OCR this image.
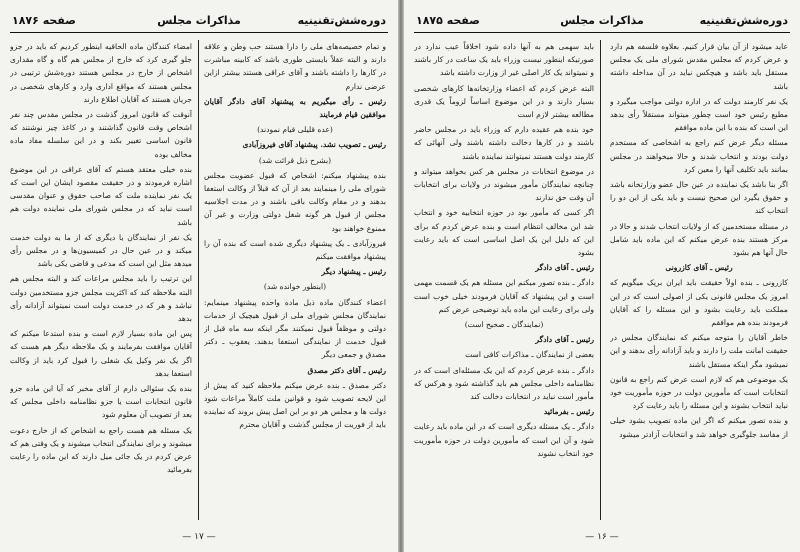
دوره‌شش‌تقنینیه
مذاکرات مجلس
صفحه ۱۸۷۶

و تمام خصیصه‌های ملی را دارا هستند حب وطن و علاقه دارند و البته عقلاً بایستی طوری باشد که کابینه مباشرت در کارها را داشته باشند و آقای عراقی هستند بیشتر ازاین عرضی ندارم

رئیس ـ رأی میگیریم به پیشنهاد آقای دادگر آقایان موافقین قیام فرمایند

(عده قلیلی قیام نمودند)

رئیس ـ تصویب نشد. پیشنهاد آقای فیروزآبادی

(بشرح ذیل قرائت شد)

بنده پیشنهاد میکنم: اشخاص که قبول عضویت مجلس شورای ملی را مینمایند بعد از آن که قبلاً از وکالت استعفا بدهند و در مقام وکالت باقی باشند و در مدت اجلاسیه مجلس از قبول هر گونه شغل دولتی وزارت و غیر آن ممنوع خواهند بود

فیروزآبادی ـ یک پیشنهاد دیگری شده است که بنده آن را پیشنهاد موافقت میکنم

رئیس ـ پیشنهاد دیگر

(اینطور خوانده شد)

اعضاء کنندگان ماده ذیل ماده واحده پیشنهاد مینمایم: نمایندگان مجلس شورای ملی از قبول هیچیک از خدمات دولتی و موظفاً قبول نمیکنند مگر اینکه سه ماه قبل از قبول خدمت از نمایندگی استعفا بدهند. یعقوب ـ دکتر مصدق و جمعی دیگر

رئیس ـ آقای دکتر مصدق

دکتر مصدق ـ بنده عرض میکنم ملاحظه کنید که پیش از این لایحه تصویب شود و قوانین ملت کاملاً مراعات شود دولت ها و مجلس هر دو بر این اصل پیش بروند که نماینده باید از فوریت از مجلس گذشت و آقایان محترم

امضاء کنندگان ماده الحاقیه اینطور کردیم که باید در جزو جلو گیری کرد که خارج از مجلس هم گاه و گاه مقداری اشخاص از خارج در مجلس هستند دوره‌شش ترتیبی در مجلس هستند که مواقع اداری وارد و کارهای شخصی در جریان هستند که آقایان اطلاع دارند

آنوقت که قانون امروز گذشت در مجلس مقدس چند نفر اشخاص وقت قانون گذاشتند و در کاغذ چیز نوشتند که قانون اساسی تغییر بکند و در این سلسله مفاد ماده مخالف بوده

بنده خیلی معتقد هستم که آقای عراقی در این موضوع اشاره فرمودند و در حقیقت مقصود ایشان این است که یک نفر نماینده ملت که صاحب حقوق و عنوان مقدسی است نباید که در مجلس شورای ملی نماینده دولت هم باشد

یک نفر از نمایندگان یا دیگری که از ما به دولت خدمت میکند و در عین حال در کمیسیون‌ها و در مجلس رأی میدهد مثل این است که مدعی و قاضی یکی باشد

این ترتیب را باید مجلس مراعات کند و البته مجلس هم البته ملاحظه کند که اکثریت مجلس جزو مستخدمین دولت نباشد و هر که در خدمت دولت است نمیتواند آزادانه رأی بدهد

پس این ماده بسیار لازم است و بنده استدعا میکنم که آقایان موافقت بفرمایند و یک ملاحظه دیگر هم هست که اگر یک نفر وکیل یک شغلی را قبول کرد باید از وکالت استعفا بدهد

بنده یک سئوالی دارم از آقای مخبر که آیا این ماده جزو قانون انتخابات است یا جزو نظامنامه داخلی مجلس که بعد از تصویب آن معلوم شود

یک مسئله هم هست راجع به اشخاص که از خارج دعوت میشوند و برای نمایندگی انتخاب میشوند و یک وقتی هم که عرض کردم در یک جائی میل دارند که این ماده را رعایت بفرمائید

— ۱۷ —
دوره‌شش‌تقنینیه
مذاکرات مجلس
صفحه ۱۸۷۵

عاید میشود از آن بیان قرار کنیم. بعلاوه فلسفه هم دارد و عرض کردم که مجلس مقدس شورای ملی یک مجلس مستقل باید باشد و هیچکس نباید در آن مداخله داشته باشد

یک نفر کارمند دولت که در اداره دولتی مواجب میگیرد و مطیع رئیس خود است چطور میتواند مستقلاً رأی بدهد این است که بنده با این ماده موافقم

مسئله دیگر عرض کنم راجع به اشخاصی که مستخدم دولت بودند و انتخاب شدند و حالا میخواهند در مجلس بمانند باید تکلیف آنها را معین کرد

اگر بنا باشد یک نماینده در عین حال عضو وزارتخانه باشد و حقوق بگیرد این صحیح نیست و باید یکی از این دو را انتخاب کند

در مسئله مستخدمین که از ولایات انتخاب شدند و حالا در مرکز هستند بنده عرض میکنم که این ماده باید شامل حال آنها هم بشود

رئیس ـ آقای کازرونی

کازرونی ـ بنده اولاً حقیقت باید ایران بریک میگویم که امروز یک مجلس قانونی یکی از اصولی است که در این مملکت باید رعایت بشود و این مسئله را که آقایان فرمودند بنده هم موافقم

خاطر آقایان را متوجه میکنم که نمایندگان مجلس در حقیقت امانت ملت را دارند و باید آزادانه رأی بدهند و این نمیشود مگر اینکه مستقل باشند

یک موضوعی هم که لازم است عرض کنم راجع به قانون انتخابات است که مأمورین دولت در حوزه مأموریت خود نباید انتخاب بشوند و این مسئله را باید رعایت کرد

و بنده تصور میکنم که اگر این ماده تصویب بشود خیلی از مفاسد جلوگیری خواهد شد و انتخابات آزادتر میشود

باید سهمی هم به آنها داده شود اخلاقاً عیب ندارد در صورتیکه اینطور نیست وزراء باید یک ساعت در کار باشند و نمیتواند یک کار اصلی غیر از وزارت داشته باشد

البته عرض کردم که اعضاء وزارتخانه‌ها کارهای شخصی بسیار دارند و در این موضوع اساساً لزوماً یک قدری مطالعه بیشتر لازم است

خود بنده هم عقیده دارم که وزراء باید در مجلس حاضر باشند و در کارها دخالت داشته باشند ولی آنهائی که کارمند دولت هستند نمیتوانند نماینده باشند

در موضوع انتخابات در مجلس هر کس بخواهد میتواند و چنانچه نمایندگان مأمور میشوند در ولایات برای انتخابات آن وقت حق ندارند

اگر کسی که مأمور بود در حوزه انتخابیه خود و انتخاب شد این مخالف انتظام است و بنده عرض کردم که برای این که دلیل این یک اصل اساسی است که باید رعایت بشود

رئیس ـ آقای دادگر

دادگر ـ بنده تصور میکنم این مسئله هم یک قسمت مهمی است و این پیشنهاد که آقایان فرمودند خیلی خوب است ولی برای رعایت این ماده باید توضیحی عرض کنم

(نمایندگان ـ صحیح است)

رئیس ـ آقای دادگر

بعضی از نمایندگان ـ مذاکرات کافی است

دادگر ـ بنده عرض کردم که این یک مسئله‌ای است که در نظامنامه داخلی مجلس هم باید گذاشته شود و هرکس که مأمور است نباید در انتخابات دخالت کند

رئیس ـ بفرمائید

دادگر ـ یک مسئله دیگری است که در این ماده باید رعایت شود و آن این است که مأمورین دولت در حوزه مأموریت خود انتخاب نشوند

— ۱۶ —
